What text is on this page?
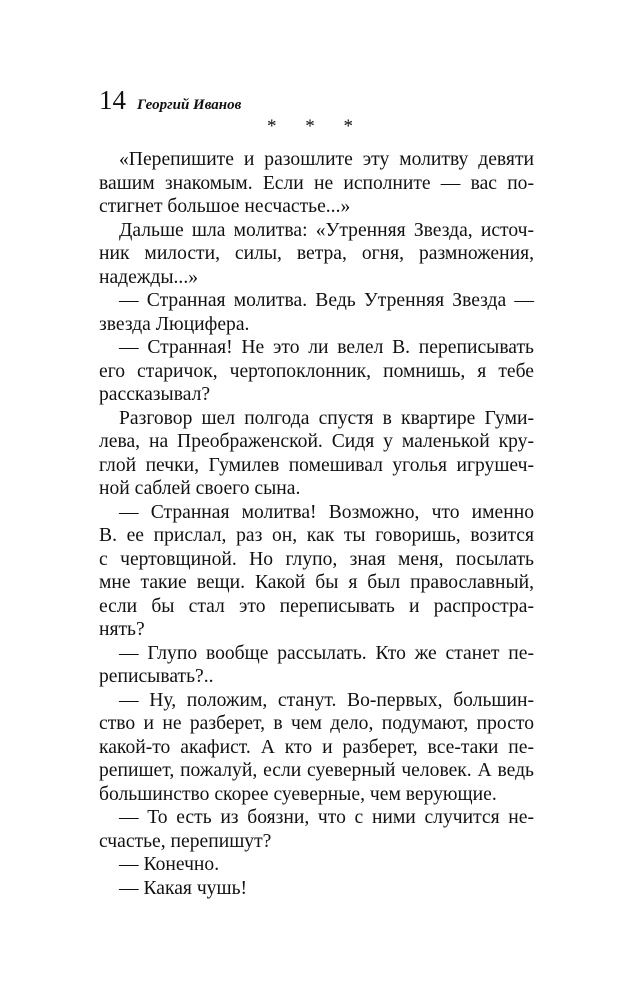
14 Георгий Иванов
* * *
«Перепишите и разошлите эту молитву девяти
вашим знакомым. Если не исполните — вас по-
стигнет большое несчастье...»
Дальше шла молитва: «Утренняя Звезда, источ-
ник милости, силы, ветра, огня, размножения,
надежды...»
— Странная молитва. Ведь Утренняя Звезда —
звезда Люцифера.
— Странная! Не это ли велел В. переписывать
его старичок, чертопоклонник, помнишь, я тебе
рассказывал?
Разговор шел полгода спустя в квартире Гуми-
лева, на Преображенской. Сидя у маленькой кру-
глой печки, Гумилев помешивал уголья игрушеч-
ной саблей своего сына.
— Странная молитва! Возможно, что именно
В. ее прислал, раз он, как ты говоришь, возится
с чертовщиной. Но глупо, зная меня, посылать
мне такие вещи. Какой бы я был православный,
если бы стал это переписывать и распростра-
нять?
— Глупо вообще рассылать. Кто же станет пе-
реписывать?..
— Ну, положим, станут. Во-первых, большин-
ство и не разберет, в чем дело, подумают, просто
какой-то акафист. А кто и разберет, все-таки пе-
репишет, пожалуй, если суеверный человек. А ведь
большинство скорее суеверные, чем верующие.
— То есть из боязни, что с ними случится не-
счастье, перепишут?
— Конечно.
— Какая чушь!
